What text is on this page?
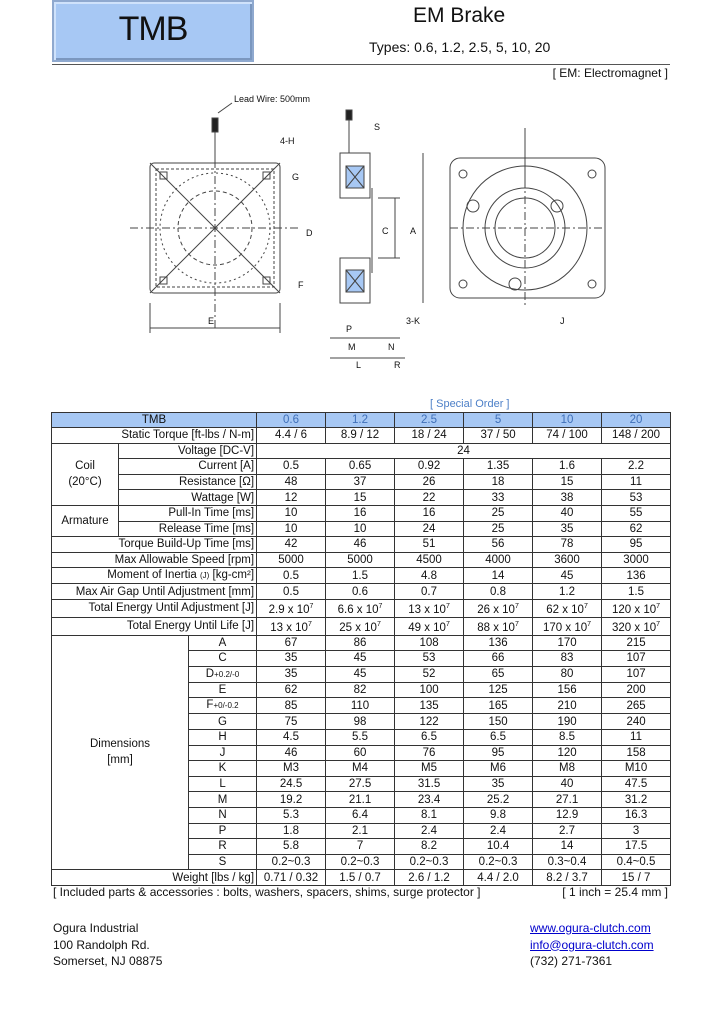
TMB	EM Brake
Types: 0.6, 1.2, 2.5, 5, 10, 20
[ EM: Electromagnet ]
Lead Wire: 500mm
4-H
G
D
F
E
S
C A
3-K
P
M	N
L	R
J
[ Special Order ]
TMB			0.6	1.2	2.5	5	10	20
Static Torque [ft-lbs / N-m]			4.4 / 6	8.9 / 12	18 / 24	37 / 50	74 / 100	148 / 200
Coil
(20°C)	Voltage [DC-V]		24					
	Current [A]		0.5	0.65	0.92	1.35	1.6	2.2
	Resistance [Ω]		48	37	26	18	15	11
	Wattage [W]		12	15	22	33	38	53
Armature	Pull-In Time [ms]		10	16	16	25	40	55
	Release Time [ms]		10	10	24	25	35	62
Torque Build-Up Time [ms]			42	46	51	56	78	95
Max Allowable Speed [rpm]			5000	5000	4500	4000	3600	3000
Moment of Inertia (J) [kg-cm²]			0.5	1.5	4.8	14	45	136
Max Air Gap Until Adjustment [mm]			0.5	0.6	0.7	0.8	1.2	1.5
Total Energy Until Adjustment [J]			2.9 x $10^7$	6.6 x $10^7$	13 x $10^7$	26 x $10^7$	62 x $10^7$	120 x $10^7$
Total Energy Until Life [J]			13 x $10^7$	25 x $10^7$	49 x $10^7$	88 x $10^7$	170 x $10^7$	320 x $10^7$
Dimensions
[mm]		A	67	86	108	136	170	215
		C	35	45	53	66	83	107
		D+0.2/-0	35	45	52	65	80	107
		E	62	82	100	125	156	200
		F+0/-0.2	85	110	135	165	210	265
		G	75	98	122	150	190	240
		H	4.5	5.5	6.5	6.5	8.5	11
		J	46	60	76	95	120	158
		K	M3	M4	M5	M6	M8	M10
		L	24.5	27.5	31.5	35	40	47.5
		M	19.2	21.1	23.4	25.2	27.1	31.2
		N	5.3	6.4	8.1	9.8	12.9	16.3
		P	1.8	2.1	2.4	2.4	2.7	3
		R	5.8	7	8.2	10.4	14	17.5
		S	0.2~0.3	0.2~0.3	0.2~0.3	0.2~0.3	0.3~0.4	0.4~0.5
Weight [lbs / kg]			0.71 / 0.32	1.5 / 0.7	2.6 / 1.2	4.4 / 2.0	8.2 / 3.7	15 / 7
[ Included parts & accessories : bolts, washers, spacers, shims, surge protector ]	[ 1 inch = 25.4 mm ]
Ogura Industrial
100 Randolph Rd.
Somerset, NJ 08875
www.ogura-clutch.com
info@ogura-clutch.com
(732) 271-7361
